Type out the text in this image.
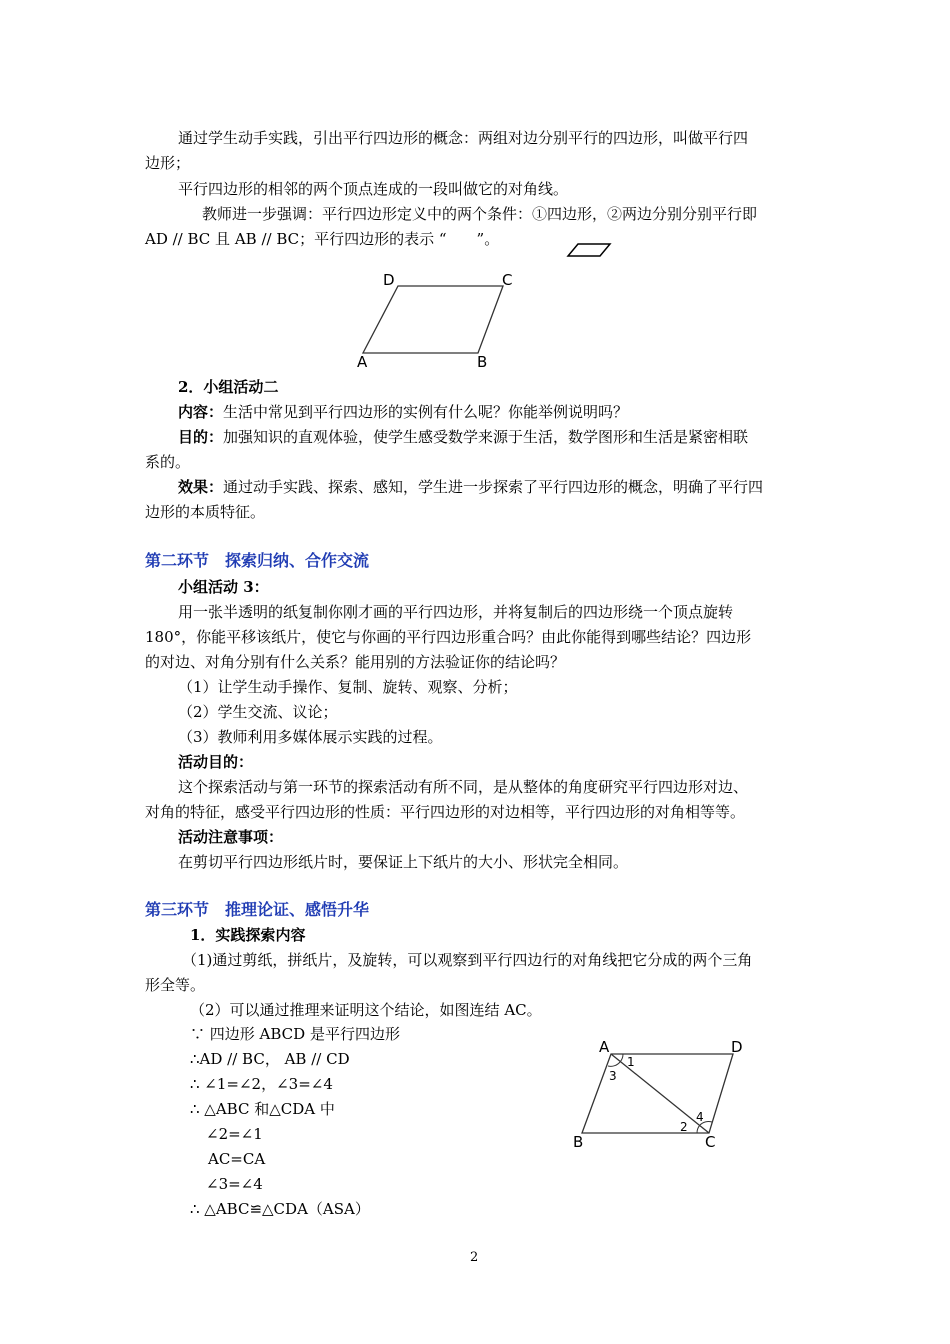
通过学生动手实践，引出平行四边形的概念：两组对边分别平行的四边形，叫做平行四
边形；
平行四边形的相邻的两个顶点连成的一段叫做它的对角线。
教师进一步强调：平行四边形定义中的两个条件：①四边形，②两边分别分别平行即
AD // BC 且 AB // BC；平行四边形的表示 “　　”。
D	C
A	B
2．小组活动二
内容：生活中常见到平行四边形的实例有什么呢？你能举例说明吗？
目的：加强知识的直观体验，使学生感受数学来源于生活，数学图形和生活是紧密相联
系的。
效果：通过动手实践、探索、感知，学生进一步探索了平行四边形的概念，明确了平行四
边形的本质特征。
第二环节　探索归纳、合作交流
小组活动 3：
用一张半透明的纸复制你刚才画的平行四边形，并将复制后的四边形绕一个顶点旋转
180°，你能平移该纸片，使它与你画的平行四边形重合吗？由此你能得到哪些结论？四边形
的对边、对角分别有什么关系？能用别的方法验证你的结论吗？
（1）让学生动手操作、复制、旋转、观察、分析；
（2）学生交流、议论；
（3）教师利用多媒体展示实践的过程。
活动目的：
这个探索活动与第一环节的探索活动有所不同，是从整体的角度研究平行四边形对边、
对角的特征，感受平行四边形的性质：平行四边形的对边相等，平行四边形的对角相等等。
活动注意事项：
在剪切平行四边形纸片时，要保证上下纸片的大小、形状完全相同。
第三环节　推理论证、感悟升华
1．实践探索内容
（1)通过剪纸，拼纸片，及旋转，可以观察到平行四边行的对角线把它分成的两个三角
形全等。
（2）可以通过推理来证明这个结论，如图连结 AC。
∵ 四边形 ABCD 是平行四边形
∴AD // BC， AB // CD
∴ ∠1=∠2，∠3=∠4
∴ △ABC 和△CDA 中
∠2=∠1
AC=CA
∠3=∠4
∴ △ABC≌△CDA（ASA）
A	D
B	C
1
2
3
4
2
